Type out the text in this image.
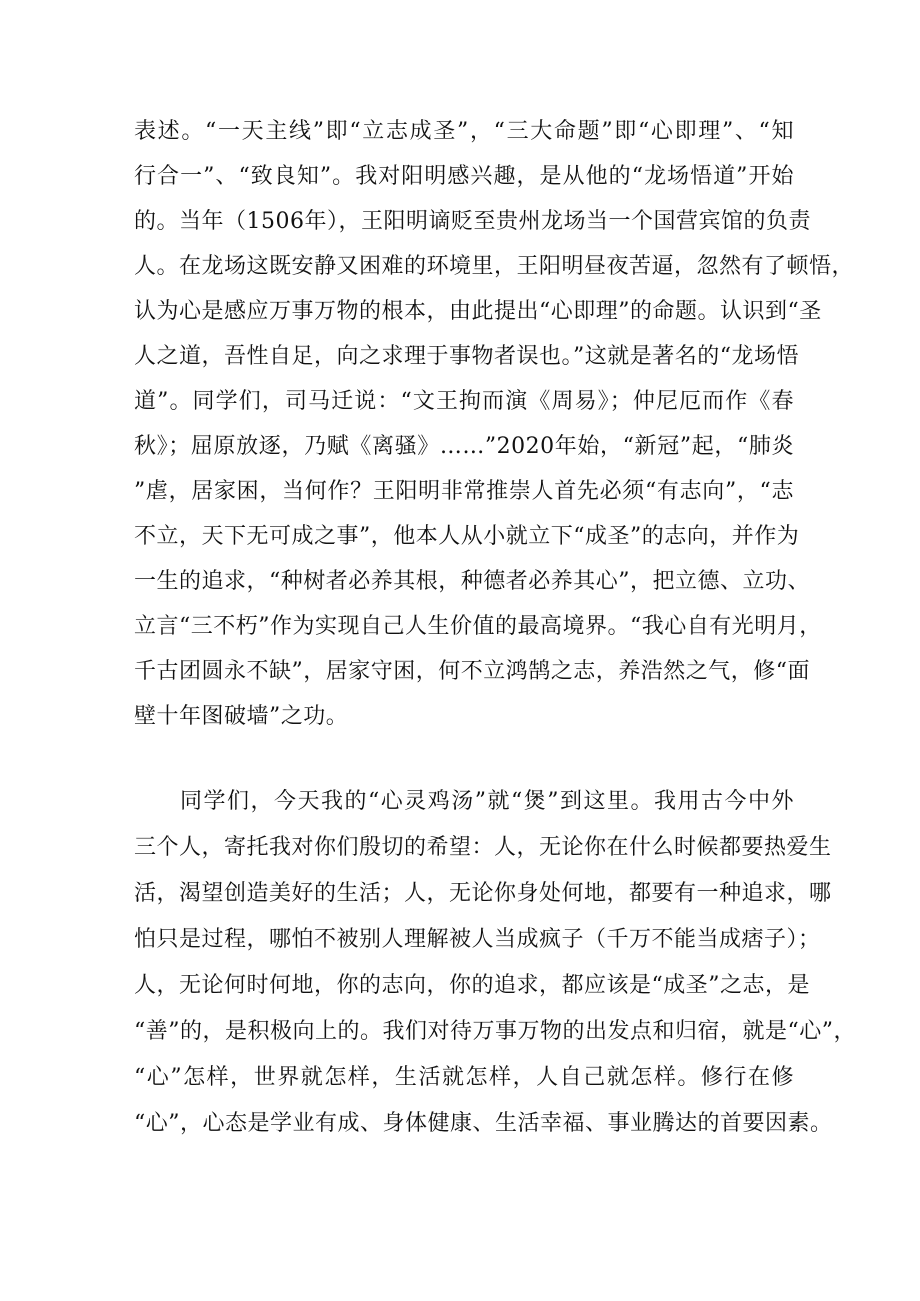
表述。“一天主线”即“立志成圣”，“三大命题”即“心即理”、“知
行合一”、“致良知”。我对阳明感兴趣，是从他的“龙场悟道”开始
的。当年（1506年），王阳明谪贬至贵州龙场当一个国营宾馆的负责
人。在龙场这既安静又困难的环境里，王阳明昼夜苦逼，忽然有了顿悟，
认为心是感应万事万物的根本，由此提出“心即理”的命题。认识到“圣
人之道，吾性自足，向之求理于事物者误也。”这就是著名的“龙场悟
道”。同学们，司马迁说：“文王拘而演《周易》；仲尼厄而作《春
秋》；屈原放逐，乃赋《离骚》……”2020年始，“新冠”起，“肺炎
”虐，居家困，当何作？王阳明非常推崇人首先必须“有志向”，“志
不立，天下无可成之事”，他本人从小就立下“成圣”的志向，并作为
一生的追求，“种树者必养其根，种德者必养其心”，把立德、立功、
立言“三不朽”作为实现自己人生价值的最高境界。“我心自有光明月，
千古团圆永不缺”，居家守困，何不立鸿鹄之志，养浩然之气，修“面
壁十年图破墙”之功。
同学们，今天我的“心灵鸡汤”就“煲”到这里。我用古今中外
三个人，寄托我对你们殷切的希望：人，无论你在什么时候都要热爱生
活，渴望创造美好的生活；人，无论你身处何地，都要有一种追求，哪
怕只是过程，哪怕不被别人理解被人当成疯子（千万不能当成痞子）；
人，无论何时何地，你的志向，你的追求，都应该是“成圣”之志，是
“善”的，是积极向上的。我们对待万事万物的出发点和归宿，就是“心”，
“心”怎样，世界就怎样，生活就怎样，人自己就怎样。修行在修
“心”，心态是学业有成、身体健康、生活幸福、事业腾达的首要因素。
